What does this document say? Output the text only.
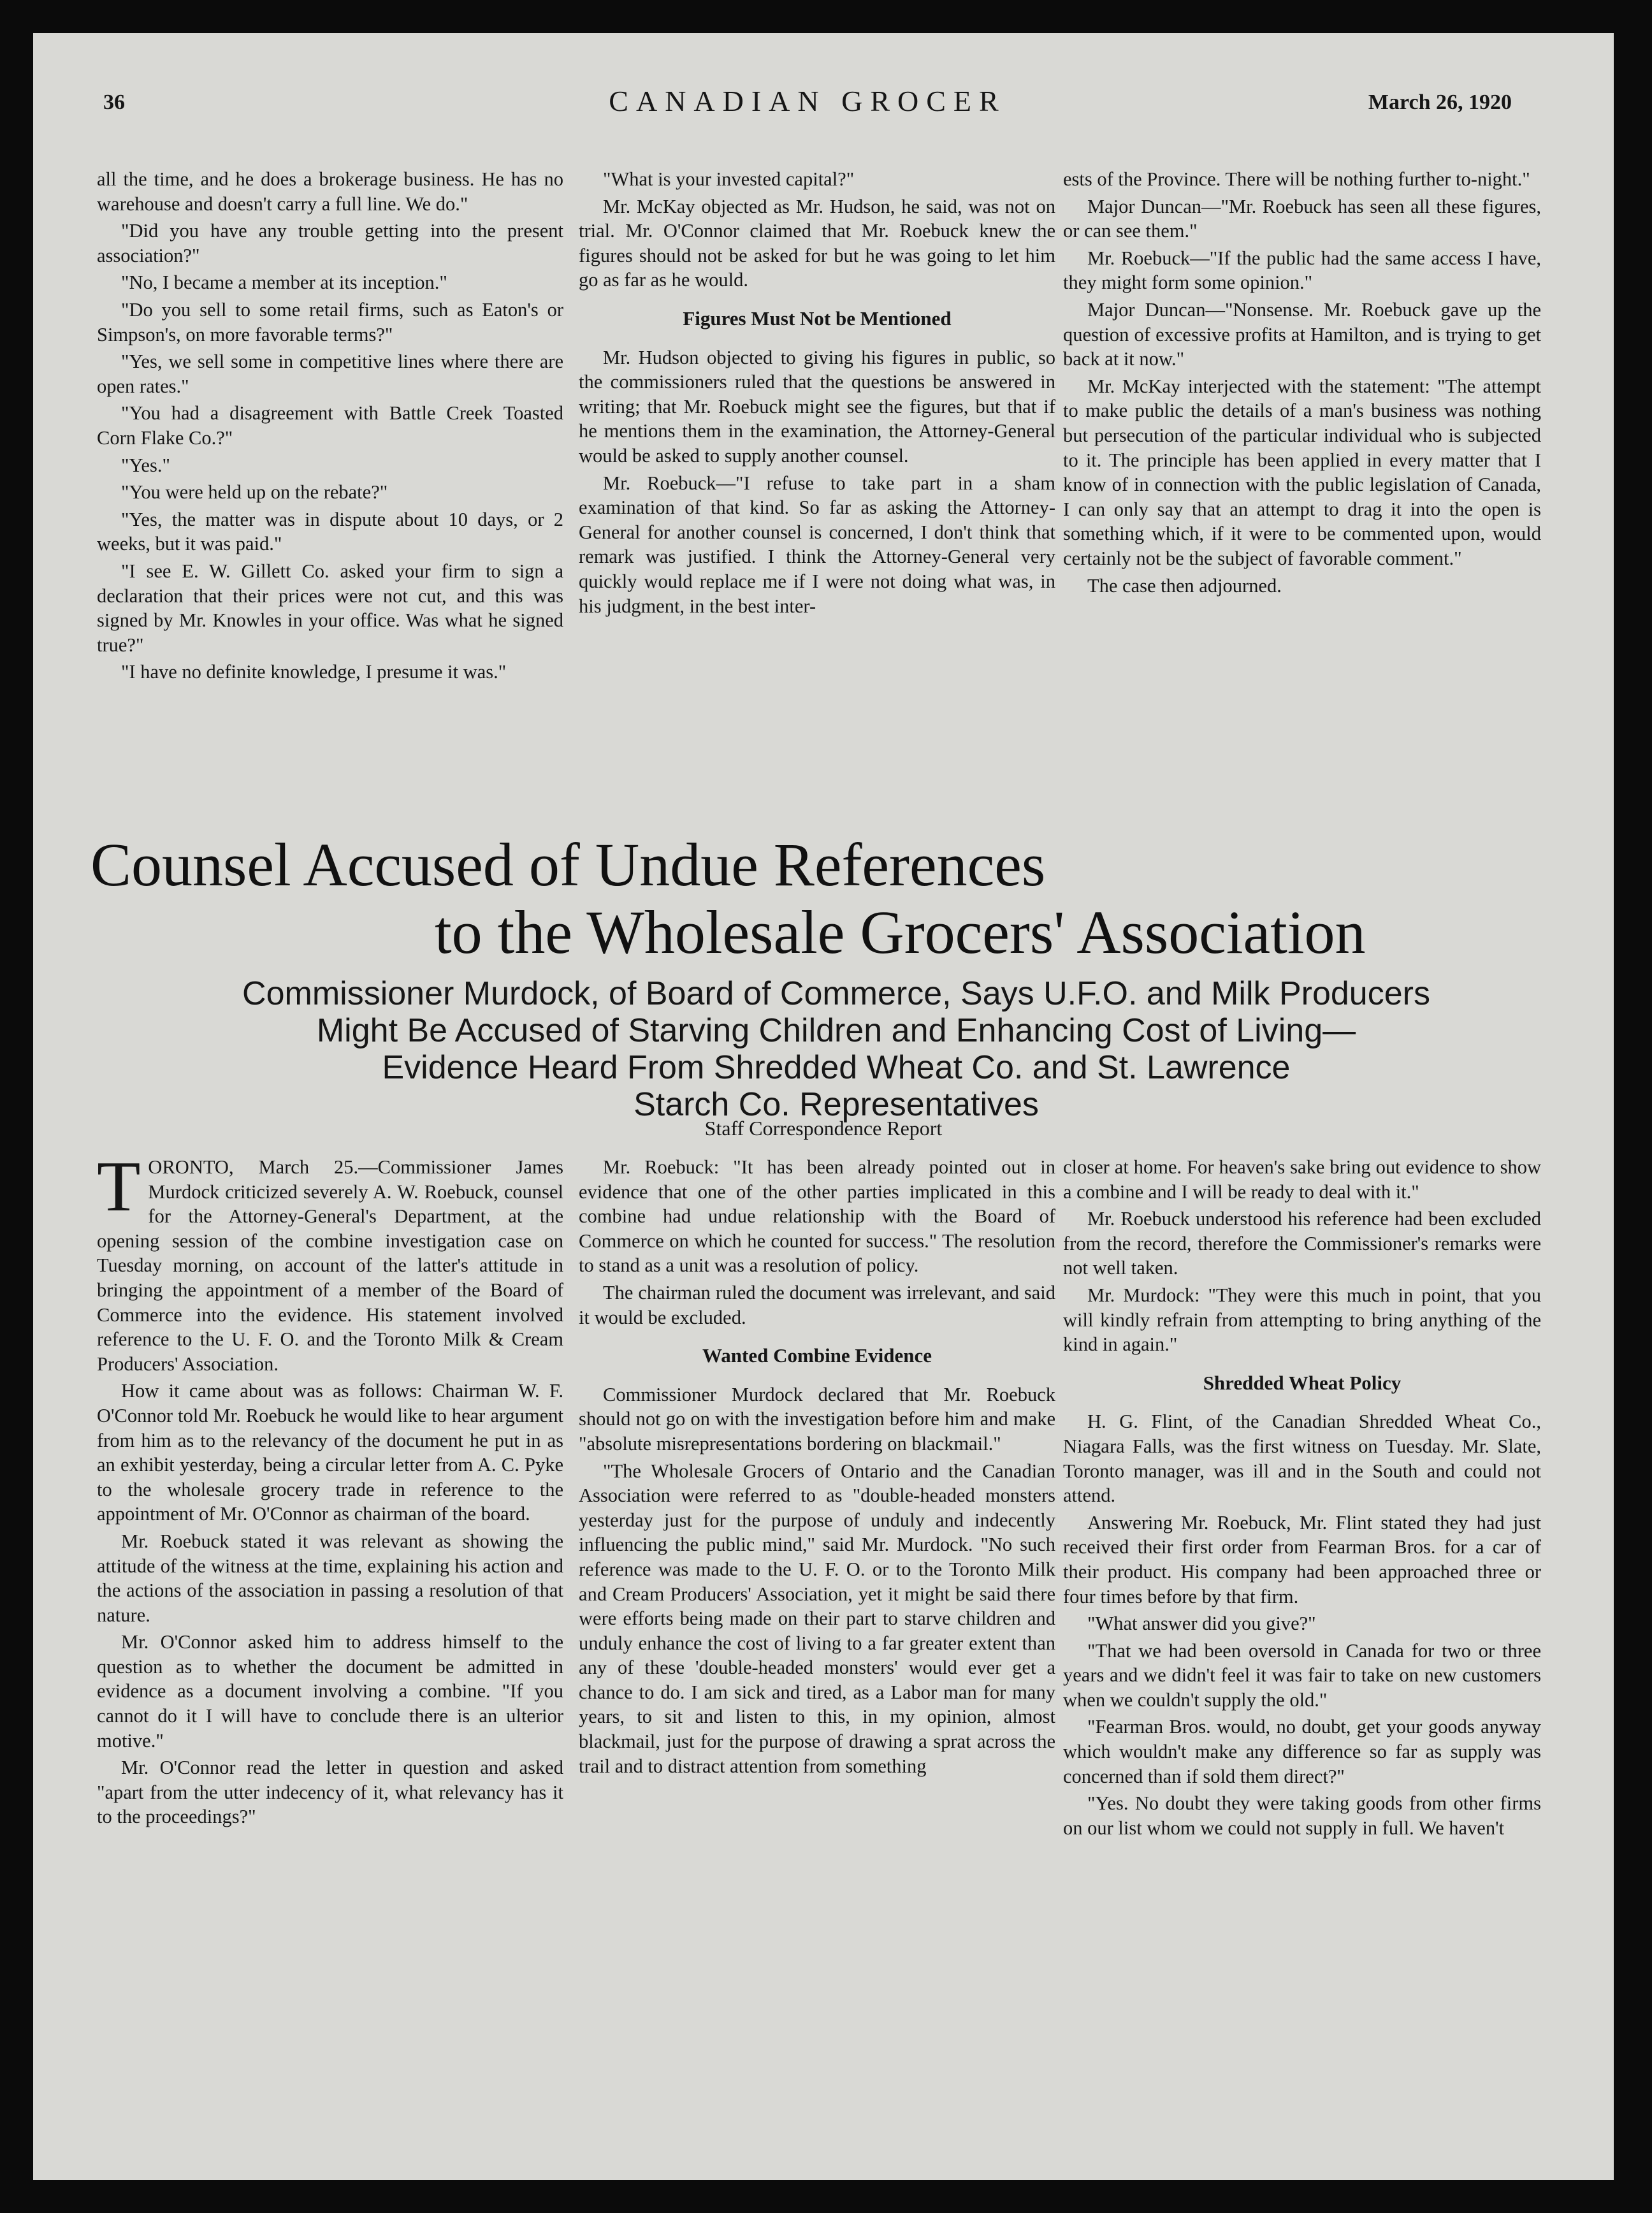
36	CANADIAN GROCER	March 26, 1920

all the time, and he does a brokerage business. He has no warehouse and doesn't carry a full line. We do."

"Did you have any trouble getting into the present association?"

"No, I became a member at its inception."

"Do you sell to some retail firms, such as Eaton's or Simpson's, on more favorable terms?"

"Yes, we sell some in competitive lines where there are open rates."

"You had a disagreement with Battle Creek Toasted Corn Flake Co.?"

"Yes."

"You were held up on the rebate?"

"Yes, the matter was in dispute about 10 days, or 2 weeks, but it was paid."

"I see E. W. Gillett Co. asked your firm to sign a declaration that their prices were not cut, and this was signed by Mr. Knowles in your office. Was what he signed true?"

"I have no definite knowledge, I presume it was."

"What is your invested capital?"

Mr. McKay objected as Mr. Hudson, he said, was not on trial. Mr. O'Connor claimed that Mr. Roebuck knew the figures should not be asked for but he was going to let him go as far as he would.

Figures Must Not be Mentioned

Mr. Hudson objected to giving his figures in public, so the commissioners ruled that the questions be answered in writing; that Mr. Roebuck might see the figures, but that if he mentions them in the examination, the Attorney-General would be asked to supply another counsel.

Mr. Roebuck—"I refuse to take part in a sham examination of that kind. So far as asking the Attorney-General for another counsel is concerned, I don't think that remark was justified. I think the Attorney-General very quickly would replace me if I were not doing what was, in his judgment, in the best inter-

ests of the Province. There will be nothing further to-night."

Major Duncan—"Mr. Roebuck has seen all these figures, or can see them."

Mr. Roebuck—"If the public had the same access I have, they might form some opinion."

Major Duncan—"Nonsense. Mr. Roebuck gave up the question of excessive profits at Hamilton, and is trying to get back at it now."

Mr. McKay interjected with the statement: "The attempt to make public the details of a man's business was nothing but persecution of the particular individual who is subjected to it. The principle has been applied in every matter that I know of in connection with the public legislation of Canada, I can only say that an attempt to drag it into the open is something which, if it were to be commented upon, would certainly not be the subject of favorable comment."

The case then adjourned.

Counsel Accused of Undue References
to the Wholesale Grocers' Association

Commissioner Murdock, of Board of Commerce, Says U.F.O. and Milk Producers
Might Be Accused of Starving Children and Enhancing Cost of Living—
Evidence Heard From Shredded Wheat Co. and St. Lawrence
Starch Co. Representatives

Staff Correspondence Report

TORONTO, March 25.—Commissioner James Murdock criticized severely A. W. Roebuck, counsel for the Attorney-General's Department, at the opening session of the combine investigation case on Tuesday morning, on account of the latter's attitude in bringing the appointment of a member of the Board of Commerce into the evidence. His statement involved reference to the U. F. O. and the Toronto Milk & Cream Producers' Association.

How it came about was as follows: Chairman W. F. O'Connor told Mr. Roebuck he would like to hear argument from him as to the relevancy of the document he put in as an exhibit yesterday, being a circular letter from A. C. Pyke to the wholesale grocery trade in reference to the appointment of Mr. O'Connor as chairman of the board.

Mr. Roebuck stated it was relevant as showing the attitude of the witness at the time, explaining his action and the actions of the association in passing a resolution of that nature.

Mr. O'Connor asked him to address himself to the question as to whether the document be admitted in evidence as a document involving a combine. "If you cannot do it I will have to conclude there is an ulterior motive."

Mr. O'Connor read the letter in question and asked "apart from the utter indecency of it, what relevancy has it to the proceedings?"

Mr. Roebuck: "It has been already pointed out in evidence that one of the other parties implicated in this combine had undue relationship with the Board of Commerce on which he counted for success." The resolution to stand as a unit was a resolution of policy.

The chairman ruled the document was irrelevant, and said it would be excluded.

Wanted Combine Evidence

Commissioner Murdock declared that Mr. Roebuck should not go on with the investigation before him and make "absolute misrepresentations bordering on blackmail."

"The Wholesale Grocers of Ontario and the Canadian Association were referred to as "double-headed monsters yesterday just for the purpose of unduly and indecently influencing the public mind," said Mr. Murdock. "No such reference was made to the U. F. O. or to the Toronto Milk and Cream Producers' Association, yet it might be said there were efforts being made on their part to starve children and unduly enhance the cost of living to a far greater extent than any of these 'double-headed monsters' would ever get a chance to do. I am sick and tired, as a Labor man for many years, to sit and listen to this, in my opinion, almost blackmail, just for the purpose of drawing a sprat across the trail and to distract attention from something

closer at home. For heaven's sake bring out evidence to show a combine and I will be ready to deal with it."

Mr. Roebuck understood his reference had been excluded from the record, therefore the Commissioner's remarks were not well taken.

Mr. Murdock: "They were this much in point, that you will kindly refrain from attempting to bring anything of the kind in again."

Shredded Wheat Policy

H. G. Flint, of the Canadian Shredded Wheat Co., Niagara Falls, was the first witness on Tuesday. Mr. Slate, Toronto manager, was ill and in the South and could not attend.

Answering Mr. Roebuck, Mr. Flint stated they had just received their first order from Fearman Bros. for a car of their product. His company had been approached three or four times before by that firm.

"What answer did you give?"

"That we had been oversold in Canada for two or three years and we didn't feel it was fair to take on new customers when we couldn't supply the old."

"Fearman Bros. would, no doubt, get your goods anyway which wouldn't make any difference so far as supply was concerned than if sold them direct?"

"Yes. No doubt they were taking goods from other firms on our list whom we could not supply in full. We haven't
